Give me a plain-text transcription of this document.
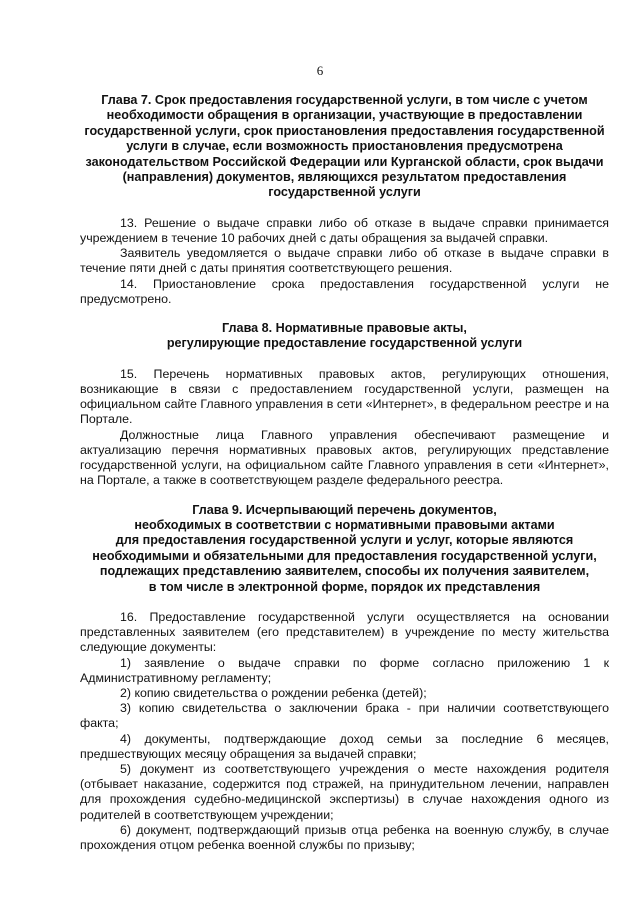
6
Глава 7. Срок предоставления государственной услуги, в том числе с учетом
необходимости обращения в организации, участвующие в предоставлении
государственной услуги, срок приостановления предоставления государственной
услуги в случае, если возможность приостановления предусмотрена
законодательством Российской Федерации или Курганской области, срок выдачи
(направления) документов, являющихся результатом предоставления
государственной услуги

13. Решение о выдаче справки либо об отказе в выдаче справки принимается учреждением в течение 10 рабочих дней с даты обращения за выдачей справки.

Заявитель уведомляется о выдаче справки либо об отказе в выдаче справки в течение пяти дней с даты принятия соответствующего решения.

14. Приостановление срока предоставления государственной услуги не предусмотрено.

Глава 8. Нормативные правовые акты,
регулирующие предоставление государственной услуги

15. Перечень нормативных правовых актов, регулирующих отношения, возникающие в связи с предоставлением государственной услуги, размещен на официальном сайте Главного управления в сети «Интернет», в федеральном реестре и на Портале.

Должностные лица Главного управления обеспечивают размещение и актуализацию перечня нормативных правовых актов, регулирующих представление государственной услуги, на официальном сайте Главного управления в сети «Интернет», на Портале, а также в соответствующем разделе федерального реестра.

Глава 9. Исчерпывающий перечень документов,
необходимых в соответствии с нормативными правовыми актами
для предоставления государственной услуги и услуг, которые являются
необходимыми и обязательными для предоставления государственной услуги,
подлежащих представлению заявителем, способы их получения заявителем,
в том числе в электронной форме, порядок их представления

16. Предоставление государственной услуги осуществляется на основании представленных заявителем (его представителем) в учреждение по месту жительства следующие документы:

1) заявление о выдаче справки по форме согласно приложению 1 к Административному регламенту;

2) копию свидетельства о рождении ребенка (детей);

3) копию свидетельства о заключении брака - при наличии соответствующего факта;

4) документы, подтверждающие доход семьи за последние 6 месяцев, предшествующих месяцу обращения за выдачей справки;

5) документ из соответствующего учреждения о месте нахождения родителя (отбывает наказание, содержится под стражей, на принудительном лечении, направлен для прохождения судебно-медицинской экспертизы) в случае нахождения одного из родителей в соответствующем учреждении;

6) документ, подтверждающий призыв отца ребенка на военную службу, в случае прохождения отцом ребенка военной службы по призыву;
